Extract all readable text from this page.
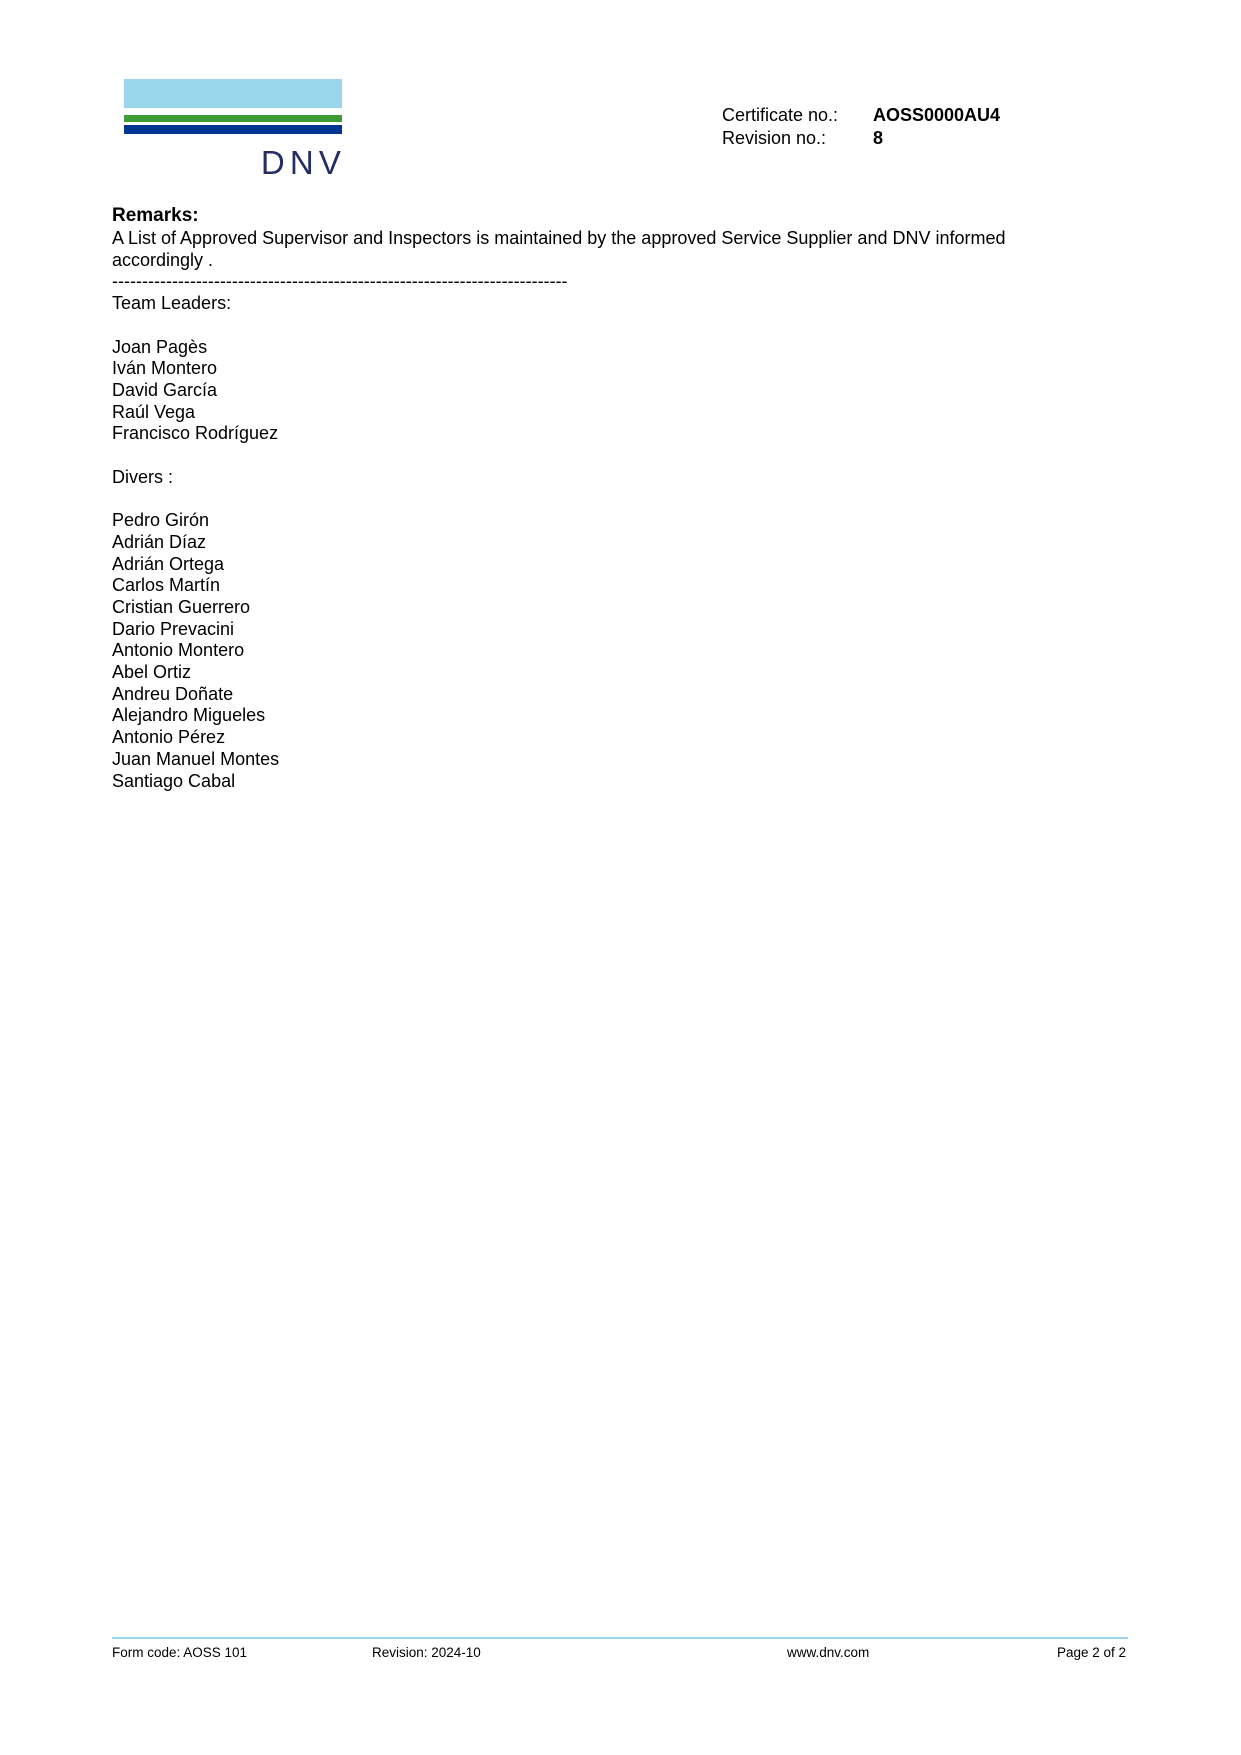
DNV
Certificate no.:	AOSS0000AU4
Revision no.:	8
Remarks:
A List of Approved Supervisor and Inspectors is maintained by the approved Service Supplier and DNV informed
accordingly .
----------------------------------------------------------------------------
Team Leaders:
Joan Pagès
Iván Montero
David García
Raúl Vega
Francisco Rodríguez
Divers :
Pedro Girón
Adrián Díaz
Adrián Ortega
Carlos Martín
Cristian Guerrero
Dario Prevacini
Antonio Montero
Abel Ortiz
Andreu Doñate
Alejandro Migueles
Antonio Pérez
Juan Manuel Montes
Santiago Cabal
Form code: AOSS 101	Revision: 2024-10	www.dnv.com	Page 2 of 2
